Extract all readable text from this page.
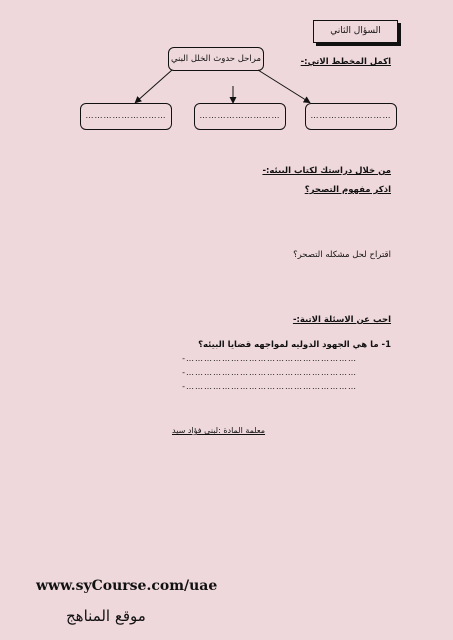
السؤال الثاني
اكمل المخطط الاتي:-
مراحل حدوث الخلل البني
………………………	………………………	………………………
من خلال دراستك لكتاب البيئه:-
اذكر مفهوم التصحر؟
اقتراح لحل مشكله التصحر؟
اجب عن الاسئلة الاتية:-
1- ما هي الجهود الدوليه لمواجهه قضايا البيئه؟
-…………………………………………………
-…………………………………………………
-…………………………………………………
معلمة المادة :لبنى فؤاد سيد
www.syCourse.com/uae
موقع المناهج
